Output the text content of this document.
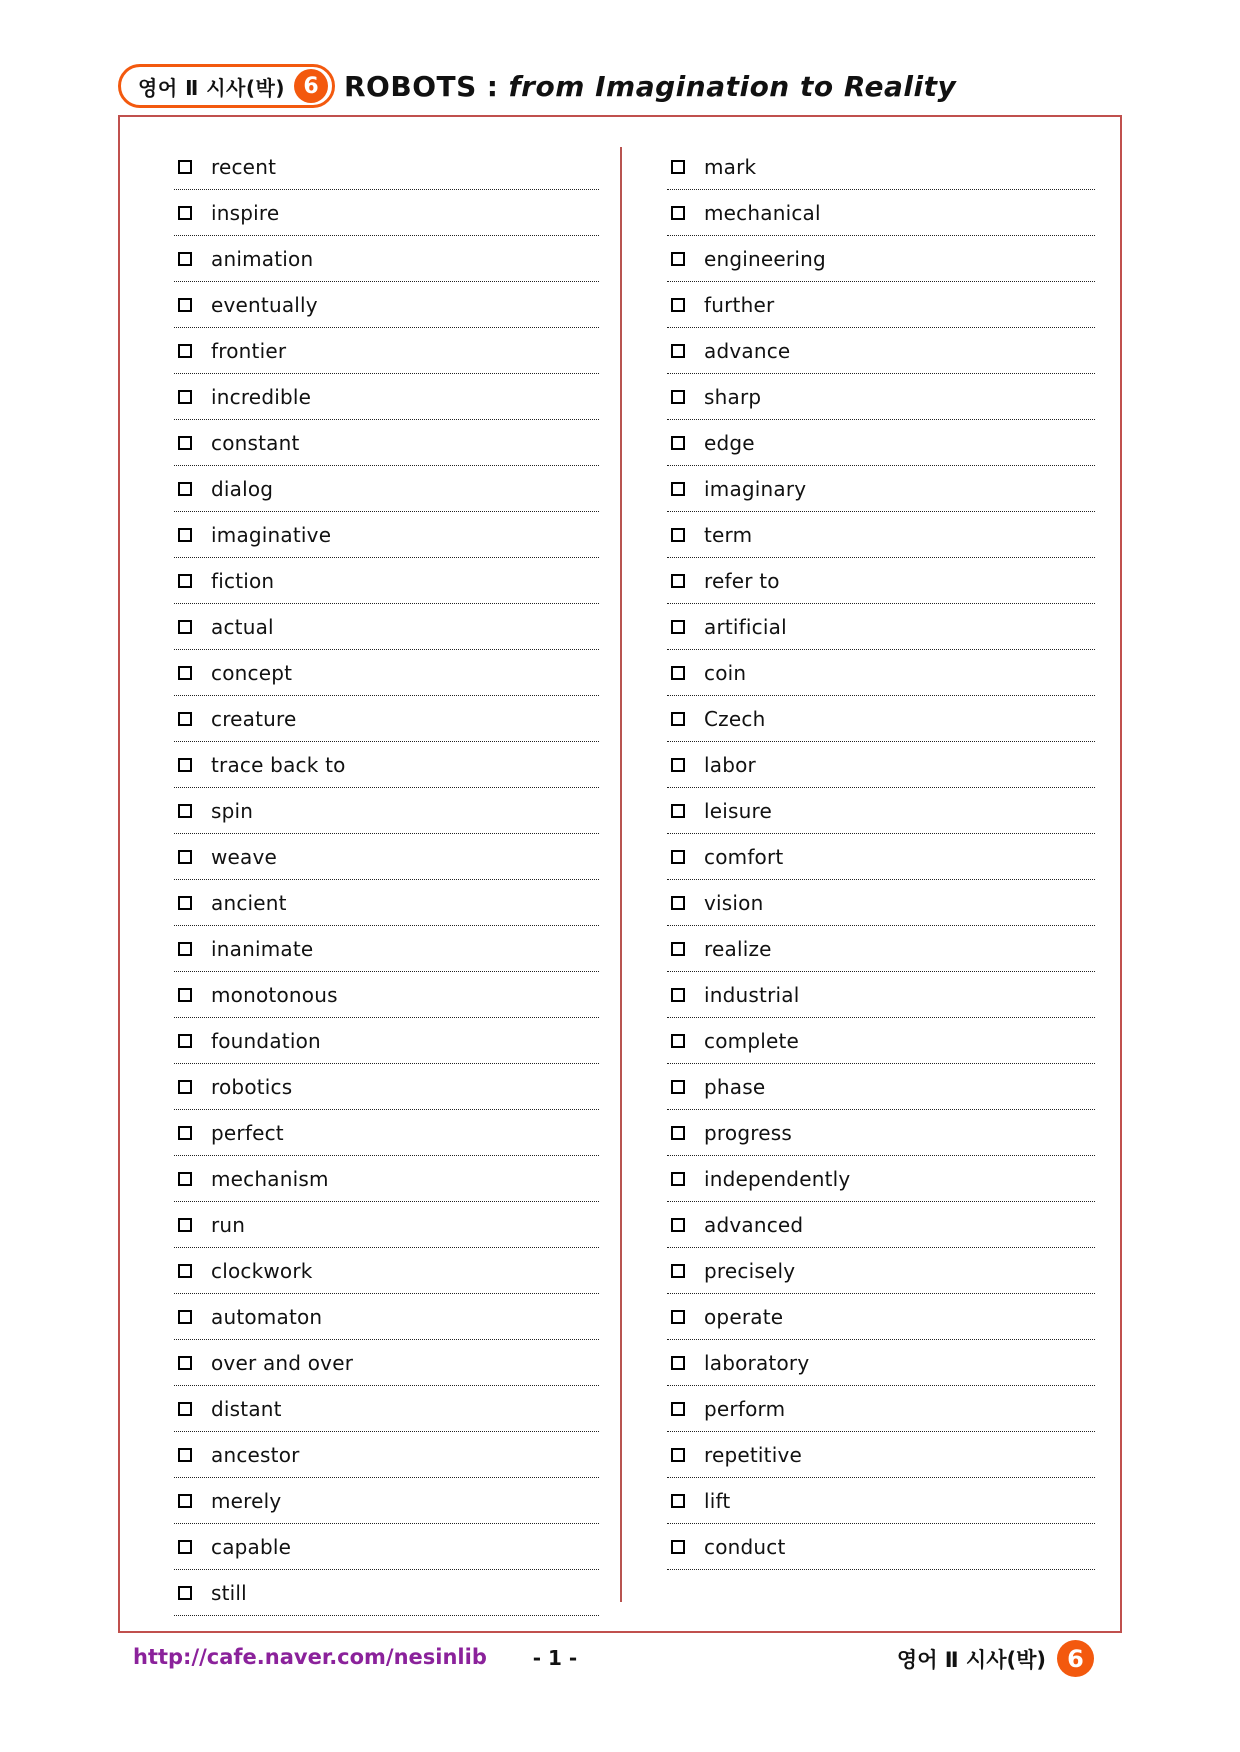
영어 Ⅱ 시사(박) 6 ROBOTS : from Imagination to Reality
recent
inspire
animation
eventually
frontier
incredible
constant
dialog
imaginative
fiction
actual
concept
creature
trace back to
spin
weave
ancient
inanimate
monotonous
foundation
robotics
perfect
mechanism
run
clockwork
automaton
over and over
distant
ancestor
merely
capable
still
mark
mechanical
engineering
further
advance
sharp
edge
imaginary
term
refer to
artificial
coin
Czech
labor
leisure
comfort
vision
realize
industrial
complete
phase
progress
independently
advanced
precisely
operate
laboratory
perform
repetitive
lift
conduct
http://cafe.naver.com/nesinlib	- 1 -	영어 Ⅱ 시사(박) 6
